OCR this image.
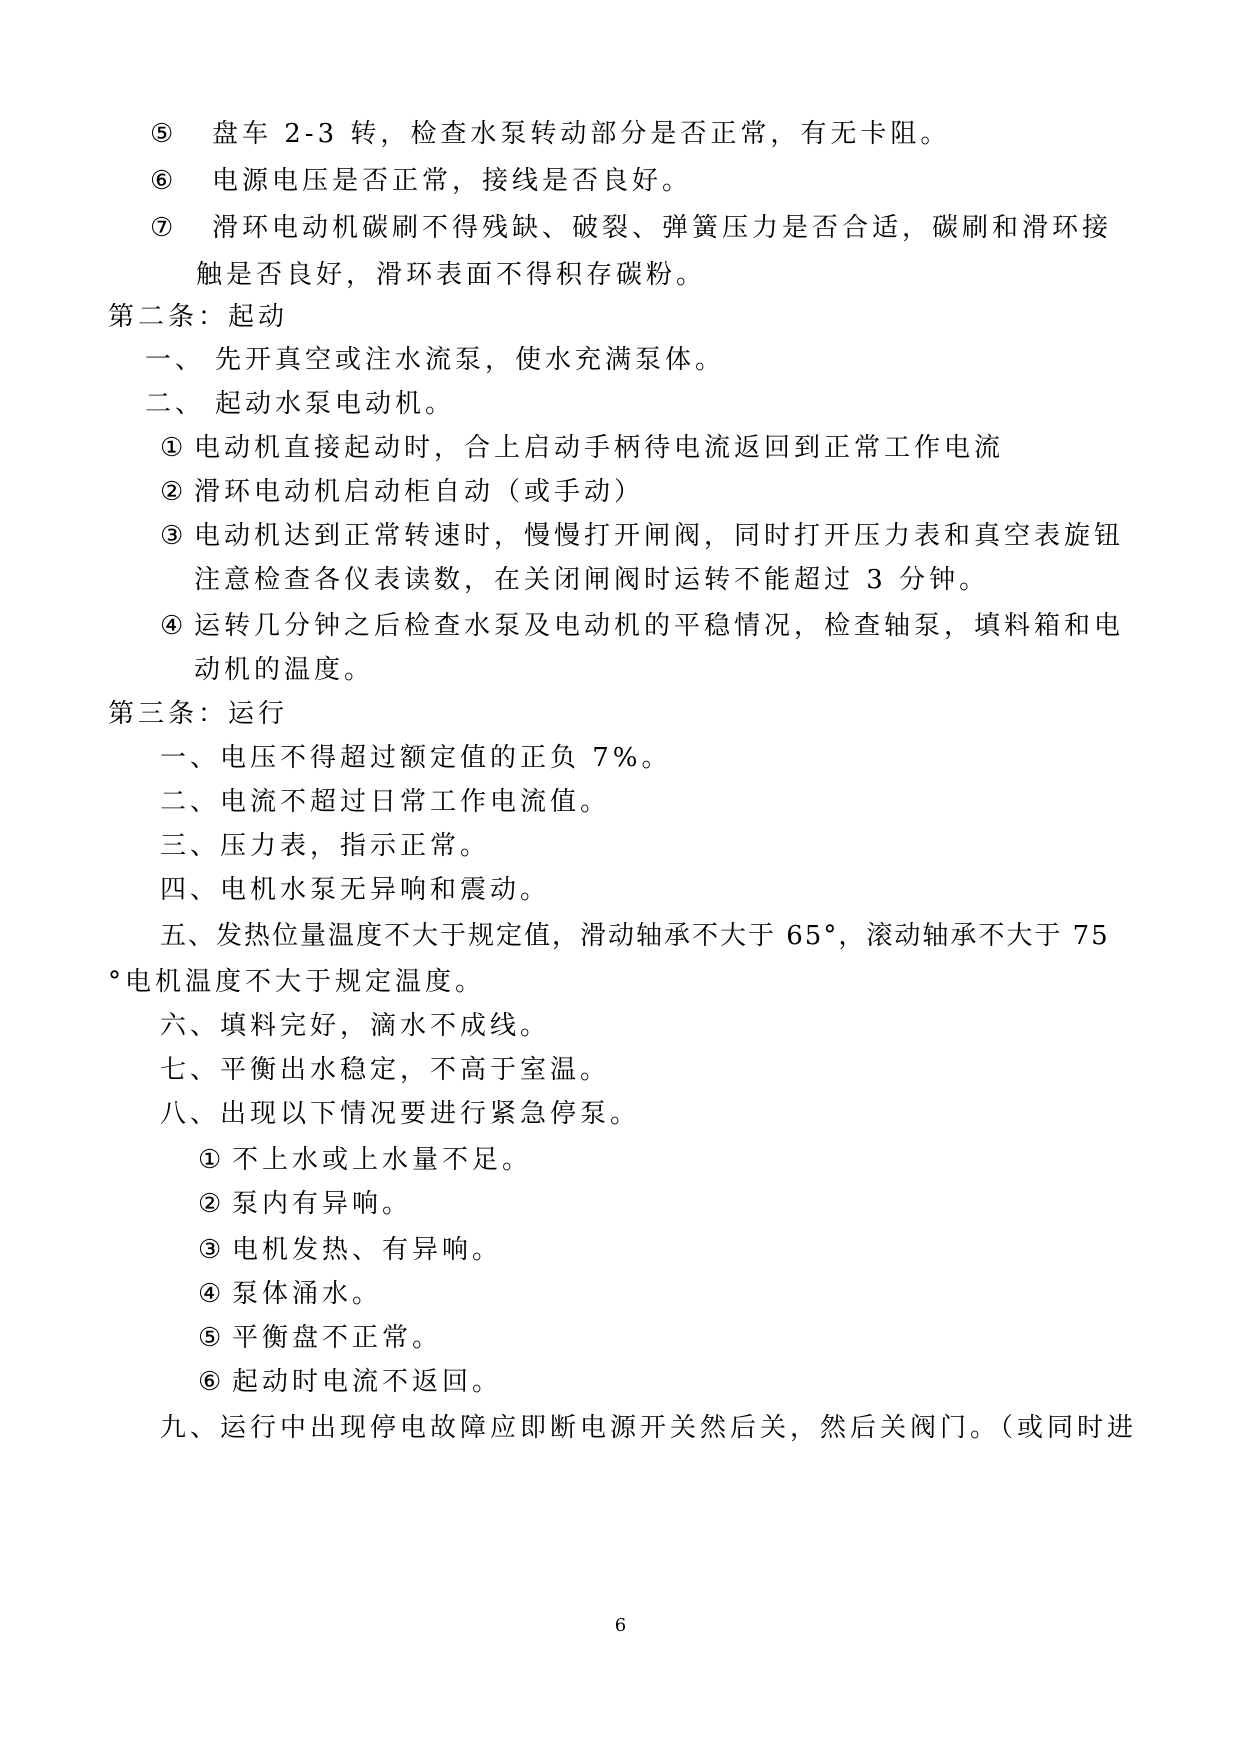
⑤ 盘车 2-3 转，检查水泵转动部分是否正常，有无卡阻。
⑥ 电源电压是否正常，接线是否良好。
⑦ 滑环电动机碳刷不得残缺、破裂、弹簧压力是否合适，碳刷和滑环接
触是否良好，滑环表面不得积存碳粉。
第二条：起动
一、 先开真空或注水流泵，使水充满泵体。
二、 起动水泵电动机。
① 电动机直接起动时，合上启动手柄待电流返回到正常工作电流
② 滑环电动机启动柜自动（或手动）
③ 电动机达到正常转速时，慢慢打开闸阀，同时打开压力表和真空表旋钮
注意检查各仪表读数，在关闭闸阀时运转不能超过 3 分钟。
④ 运转几分钟之后检查水泵及电动机的平稳情况，检查轴泵，填料箱和电
动机的温度。
第三条：运行
一、电压不得超过额定值的正负 7%。
二、电流不超过日常工作电流值。
三、压力表，指示正常。
四、电机水泵无异响和震动。
五、发热位量温度不大于规定值，滑动轴承不大于 65°，滚动轴承不大于 75
°电机温度不大于规定温度。
六、填料完好，滴水不成线。
七、平衡出水稳定，不高于室温。
八、出现以下情况要进行紧急停泵。
① 不上水或上水量不足。
② 泵内有异响。
③ 电机发热、有异响。
④ 泵体涌水。
⑤ 平衡盘不正常。
⑥ 起动时电流不返回。
九、运行中出现停电故障应即断电源开关然后关，然后关阀门。（或同时进
6
